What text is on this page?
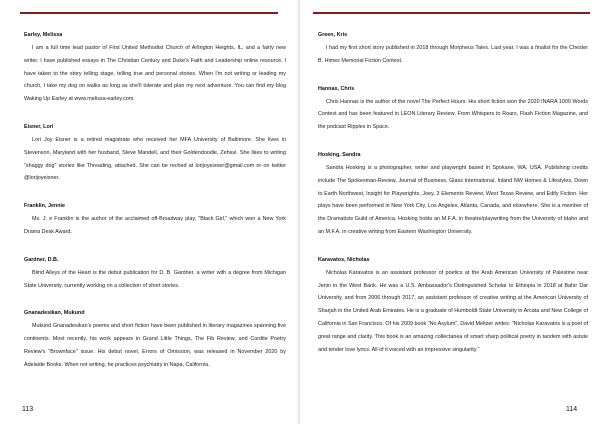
Earley, Melissa

I am a full time lead pastor of First United Methodist Church of Arlington Heights, IL, and a fairly new writer. I have published essays in The Christian Century and Duke's Faith and Leadership online resource. I have taken to the story telling stage, telling true and personal stories. When I'm not writing or leading my church, I take my dog on walks as long as she'll tolerate and plan my next adventure. You can find my blog Waking Up Earley at www.melissa-earley.com.

Eisner, Lori

Lori Joy Eisner is a retired magistrate who received her MFA University of Baltimore. She lives in Stevenson, Maryland with her husband, Steve Mandell, and their Goldendoodle, Zehavi. She likes to writing "shaggy dog" stories like Threading, attached. She can be reched at lorijoyeisner@gmail.com or on twitter @lorijoyeisner.

Franklin, Jennie

Ms. J. e Franklin is the author of the acclaimed off-Broadway play, "Black Girl," which won a New York Drama Desk Award.

Gardner, D.B.

Blind Alleys of the Heart is the debut publication for D. B. Gardner, a writer with a degree from Michigan State University, currently working on a collection of short stories.

Gnanadesikan, Mukund

Mukund Gnanadesikan's poems and short fiction have been published in literary magazines spanning five continents. Most recently, his work appears in Grand Little Things, The Fib Review, and Cordite Poetry Review's "Brownface" issue. His debut novel, Errors of Omission, was released in November 2020 by Adelaide Books. When not writing, he practices psychiatry in Napa, California.

113
Green, Kris

I had my first short story published in 2018 through Morpheus Tales. Last year, I was a finalist for the Chester B. Himes Memorial Fiction Contest.

Hannas, Chris

Chris Hannas is the author of the novel The Perfect Hours. His short fiction won the 2020 INARA 1000 Words Contest and has been featured in LEON Literary Review, From Whispers to Roars, Flash Fiction Magazine, and the podcast Ripples in Space.

Hosking, Sandra

Sandra Hosking is a photographer, writer and playwright based in Spokane, WA, USA. Publishing credits include The Spokesman-Review, Journal of Business, Glass International, Inland NW Homes & Lifestyles, Down to Earth Northwest, Insight for Playwrights, Joey, 3 Elements Review, West Texas Review, and Edify Fiction. Her plays have been performed in New York City, Los Angeles, Atlanta, Canada, and elsewhere. She is a member of the Dramatists Guild of America. Hosking holds an M.F.A. in theatre/playwriting from the University of Idaho and an M.F.A. in creative writing from Eastern Washington University.

Karavatos, Nicholas

Nicholas Karavatos is an assistant professor of poetics at the Arab American University of Palestine near Jenin in the West Bank. He was a U.S. Ambassador's Distinguished Scholar to Ethiopia in 2018 at Bahir Dar University, and from 2006 through 2017, an assistant professor of creative writing at the American University of Sharjah in the United Arab Emirates. He is a graduate of Humboldt State University in Arcata and New College of California in San Francisco. Of his 2009 book "No Asylum", David Meltzer writes: "Nicholas Karavatos is a poet of great range and clarity. This book is an amazing collectanea of smart sharp political poetry in tandem with astute and tender love lyrics. All of it voiced with an impressive singularity."

114
